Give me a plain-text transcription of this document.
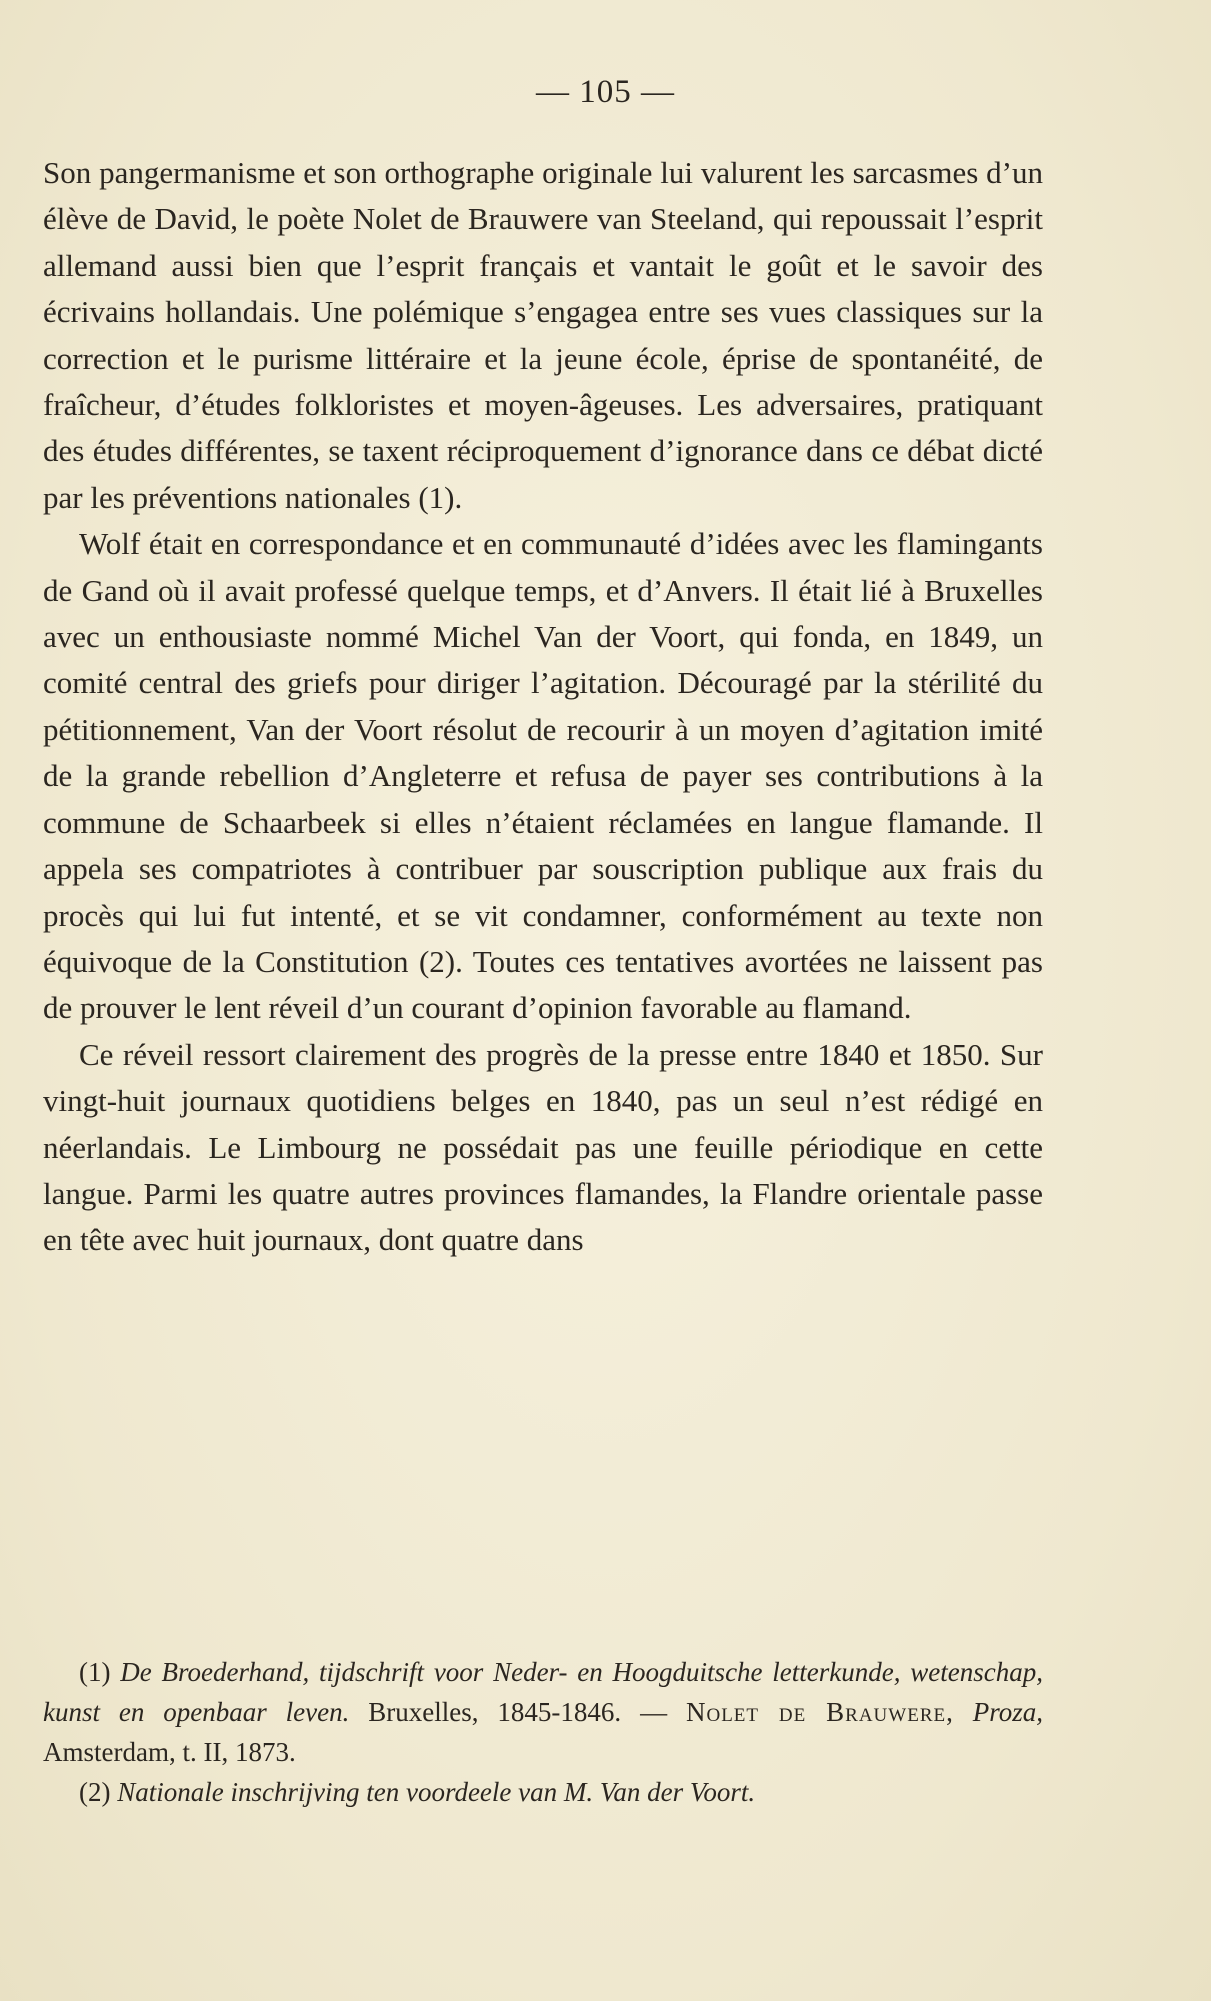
— 105 —

Son pangermanisme et son orthographe originale lui valurent les sarcasmes d’un élève de David, le poète Nolet de Brauwere van Steeland, qui repoussait l’esprit allemand aussi bien que l’esprit français et vantait le goût et le savoir des écrivains hollandais. Une polémique s’engagea entre ses vues classiques sur la correction et le purisme littéraire et la jeune école, éprise de spontanéité, de fraîcheur, d’études folkloristes et moyen-âgeuses. Les adversaires, pratiquant des études différentes, se taxent réciproquement d’ignorance dans ce débat dicté par les préventions nationales (1).

Wolf était en correspondance et en communauté d’idées avec les flamingants de Gand où il avait professé quelque temps, et d’Anvers. Il était lié à Bruxelles avec un enthousiaste nommé Michel Van der Voort, qui fonda, en 1849, un comité central des griefs pour diriger l’agitation. Découragé par la stérilité du pétitionnement, Van der Voort résolut de recourir à un moyen d’agitation imité de la grande rebellion d’Angleterre et refusa de payer ses contributions à la commune de Schaarbeek si elles n’étaient réclamées en langue flamande. Il appela ses compatriotes à contribuer par souscription publique aux frais du procès qui lui fut intenté, et se vit condamner, conformément au texte non équivoque de la Constitution (2). Toutes ces tentatives avortées ne laissent pas de prouver le lent réveil d’un courant d’opinion favorable au flamand.

Ce réveil ressort clairement des progrès de la presse entre 1840 et 1850. Sur vingt-huit journaux quotidiens belges en 1840, pas un seul n’est rédigé en néerlandais. Le Limbourg ne possédait pas une feuille périodique en cette langue. Parmi les quatre autres provinces flamandes, la Flandre orientale passe en tête avec huit journaux, dont quatre dans

(1) De Broederhand, tijdschrift voor Neder- en Hoogduitsche letterkunde, wetenschap, kunst en openbaar leven. Bruxelles, 1845-1846. — Nolet de Brauwere, Proza, Amsterdam, t. II, 1873.

(2) Nationale inschrijving ten voordeele van M. Van der Voort.
